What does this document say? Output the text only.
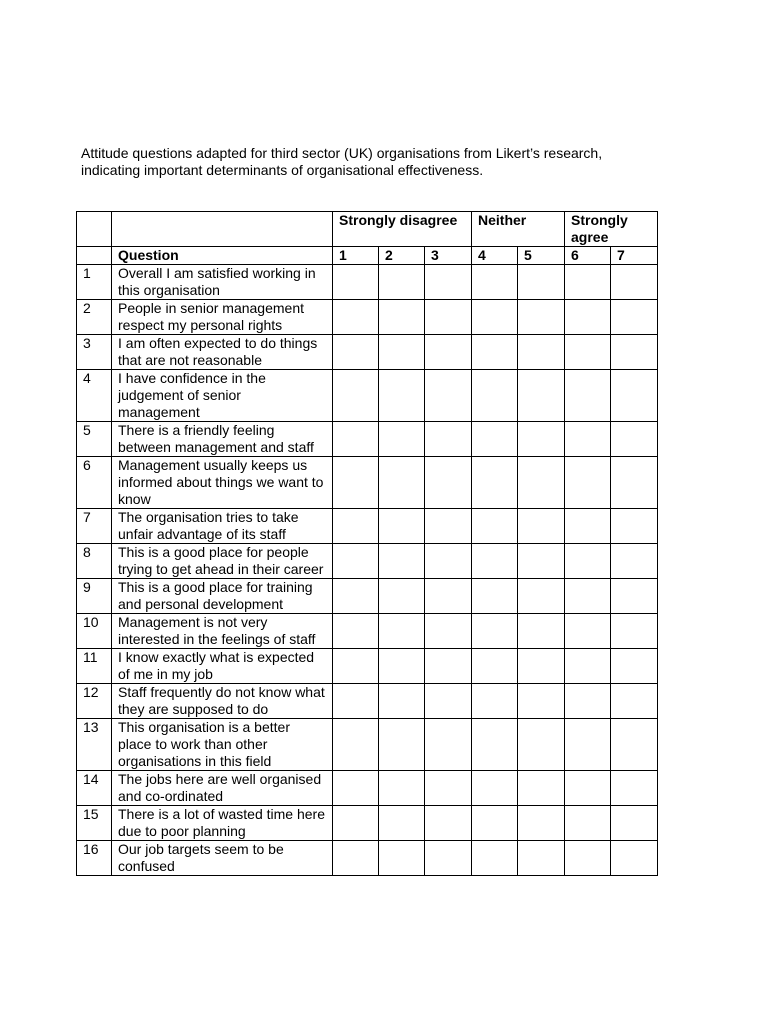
Attitude questions adapted for third sector (UK) organisations from Likert’s research,
indicating important determinants of organisational effectiveness.
		Strongly disagree			Neither		Strongly agree	
	Question	1	2	3	4	5	6	7
1	Overall I am satisfied working in this organisation							
2	People in senior management respect my personal rights							
3	I am often expected to do things that are not reasonable							
4	I have confidence in the judgement of senior management							
5	There is a friendly feeling between management and staff							
6	Management usually keeps us informed about things we want to know							
7	The organisation tries to take unfair advantage of its staff							
8	This is a good place for people trying to get ahead in their career							
9	This is a good place for training and personal development							
10	Management is not very interested in the feelings of staff							
11	I know exactly what is expected of me in my job							
12	Staff frequently do not know what they are supposed to do							
13	This organisation is a better place to work than other organisations in this field							
14	The jobs here are well organised and co-ordinated							
15	There is a lot of wasted time here due to poor planning							
16	Our job targets seem to be confused							
